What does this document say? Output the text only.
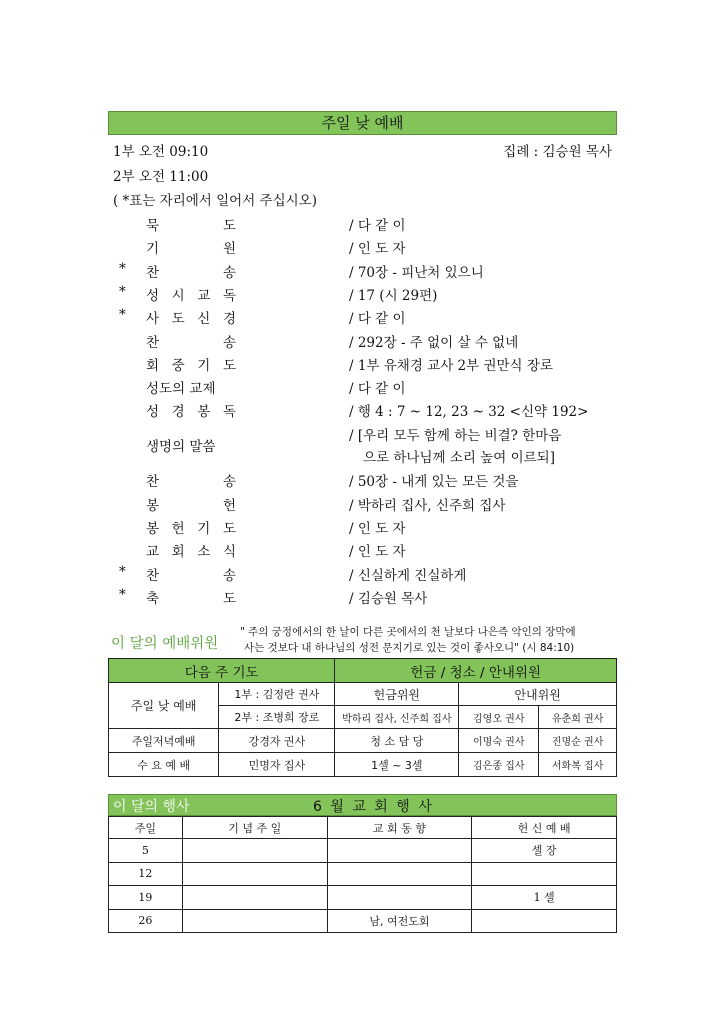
주일 낮 예배
1부 오전 09:10	집례 : 김승원 목사
2부 오전 11:00
( *표는 자리에서 일어서 주십시오)
묵 도	/ 다 같 이
기 원	/ 인 도 자
* 찬 송	/ 70장 - 피난처 있으니
* 성 시 교 독	/ 17 (시 29편)
* 사 도 신 경	/ 다 같 이
찬 송	/ 292장 - 주 없이 살 수 없네
회 중 기 도	/ 1부 유채경 교사 2부 권만식 장로
성도의 교제	/ 다 같 이
성 경 봉 독	/ 행 4 : 7 ~ 12, 23 ~ 32 <신약 192>
생명의 말씀
/ [우리 모두 함께 하는 비결? 한마음
으로 하나님께 소리 높여 이르되]
찬 송	/ 50장 - 내게 있는 모든 것을
봉 헌	/ 박하리 집사, 신주희 집사
봉 헌 기 도	/ 인 도 자
교 회 소 식	/ 인 도 자
* 찬 송	/ 신실하게 진실하게
* 축 도	/ 김승원 목사
이 달의 예배위원
" 주의 궁정에서의 한 날이 다른 곳에서의 천 날보다 나은즉 악인의 장막에
사는 것보다 내 하나님의 성전 문지기로 있는 것이 좋사오니" (시 84:10)
다음 주 기도		헌금 / 청소 / 안내위원		
주일 낮 예배	1부 : 김정란 권사	헌금위원	안내위원	
	2부 : 조병희 장로	박하리 집사, 신주희 집사	김영오 권사	유춘희 권사
주일저녁예배	강경자 권사	청 소 담 당	이명숙 권사	진명순 권사
수 요 예 배	민명자 집사	1셀 ~ 3셀	김은종 집사	서화복 집사
이 달의 행사	6 월 교 회 행 사
주일	기 념 주 일	교 회 동 향	헌 신 예 배
5			셀 장
12			
19			1 셀
26		남, 여전도회	
